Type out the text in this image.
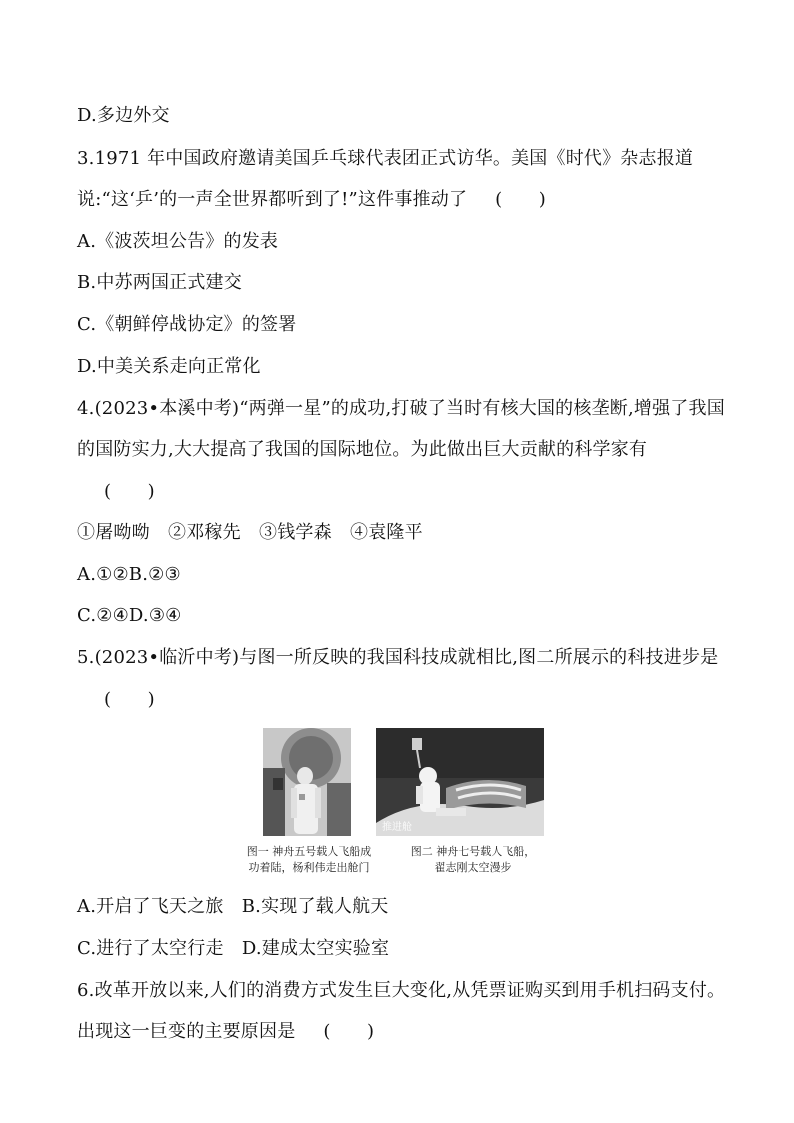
D.多边外交
3.1971 年中国政府邀请美国乒乓球代表团正式访华。美国《时代》杂志报道
说:“这‘乒’的一声全世界都听到了!”这件事推动了 (　　)
A.《波茨坦公告》的发表
B.中苏两国正式建交
C.《朝鲜停战协定》的签署
D.中美关系走向正常化
4.(2023•本溪中考)“两弹一星”的成功,打破了当时有核大国的核垄断,增强了我国
的国防实力,大大提高了我国的国际地位。为此做出巨大贡献的科学家有
(　　)
①屠呦呦　②邓稼先　③钱学森　④袁隆平
A.①②B.②③
C.②④D.③④
5.(2023•临沂中考)与图一所反映的我国科技成就相比,图二所展示的科技进步是
(　　)
推进舱
图一 神舟五号载人飞船成
功着陆，杨利伟走出舱门
图二 神舟七号载人飞船，
翟志刚太空漫步
A.开启了飞天之旅　B.实现了载人航天
C.进行了太空行走　D.建成太空实验室
6.改革开放以来,人们的消费方式发生巨大变化,从凭票证购买到用手机扫码支付。
出现这一巨变的主要原因是 (　　)
